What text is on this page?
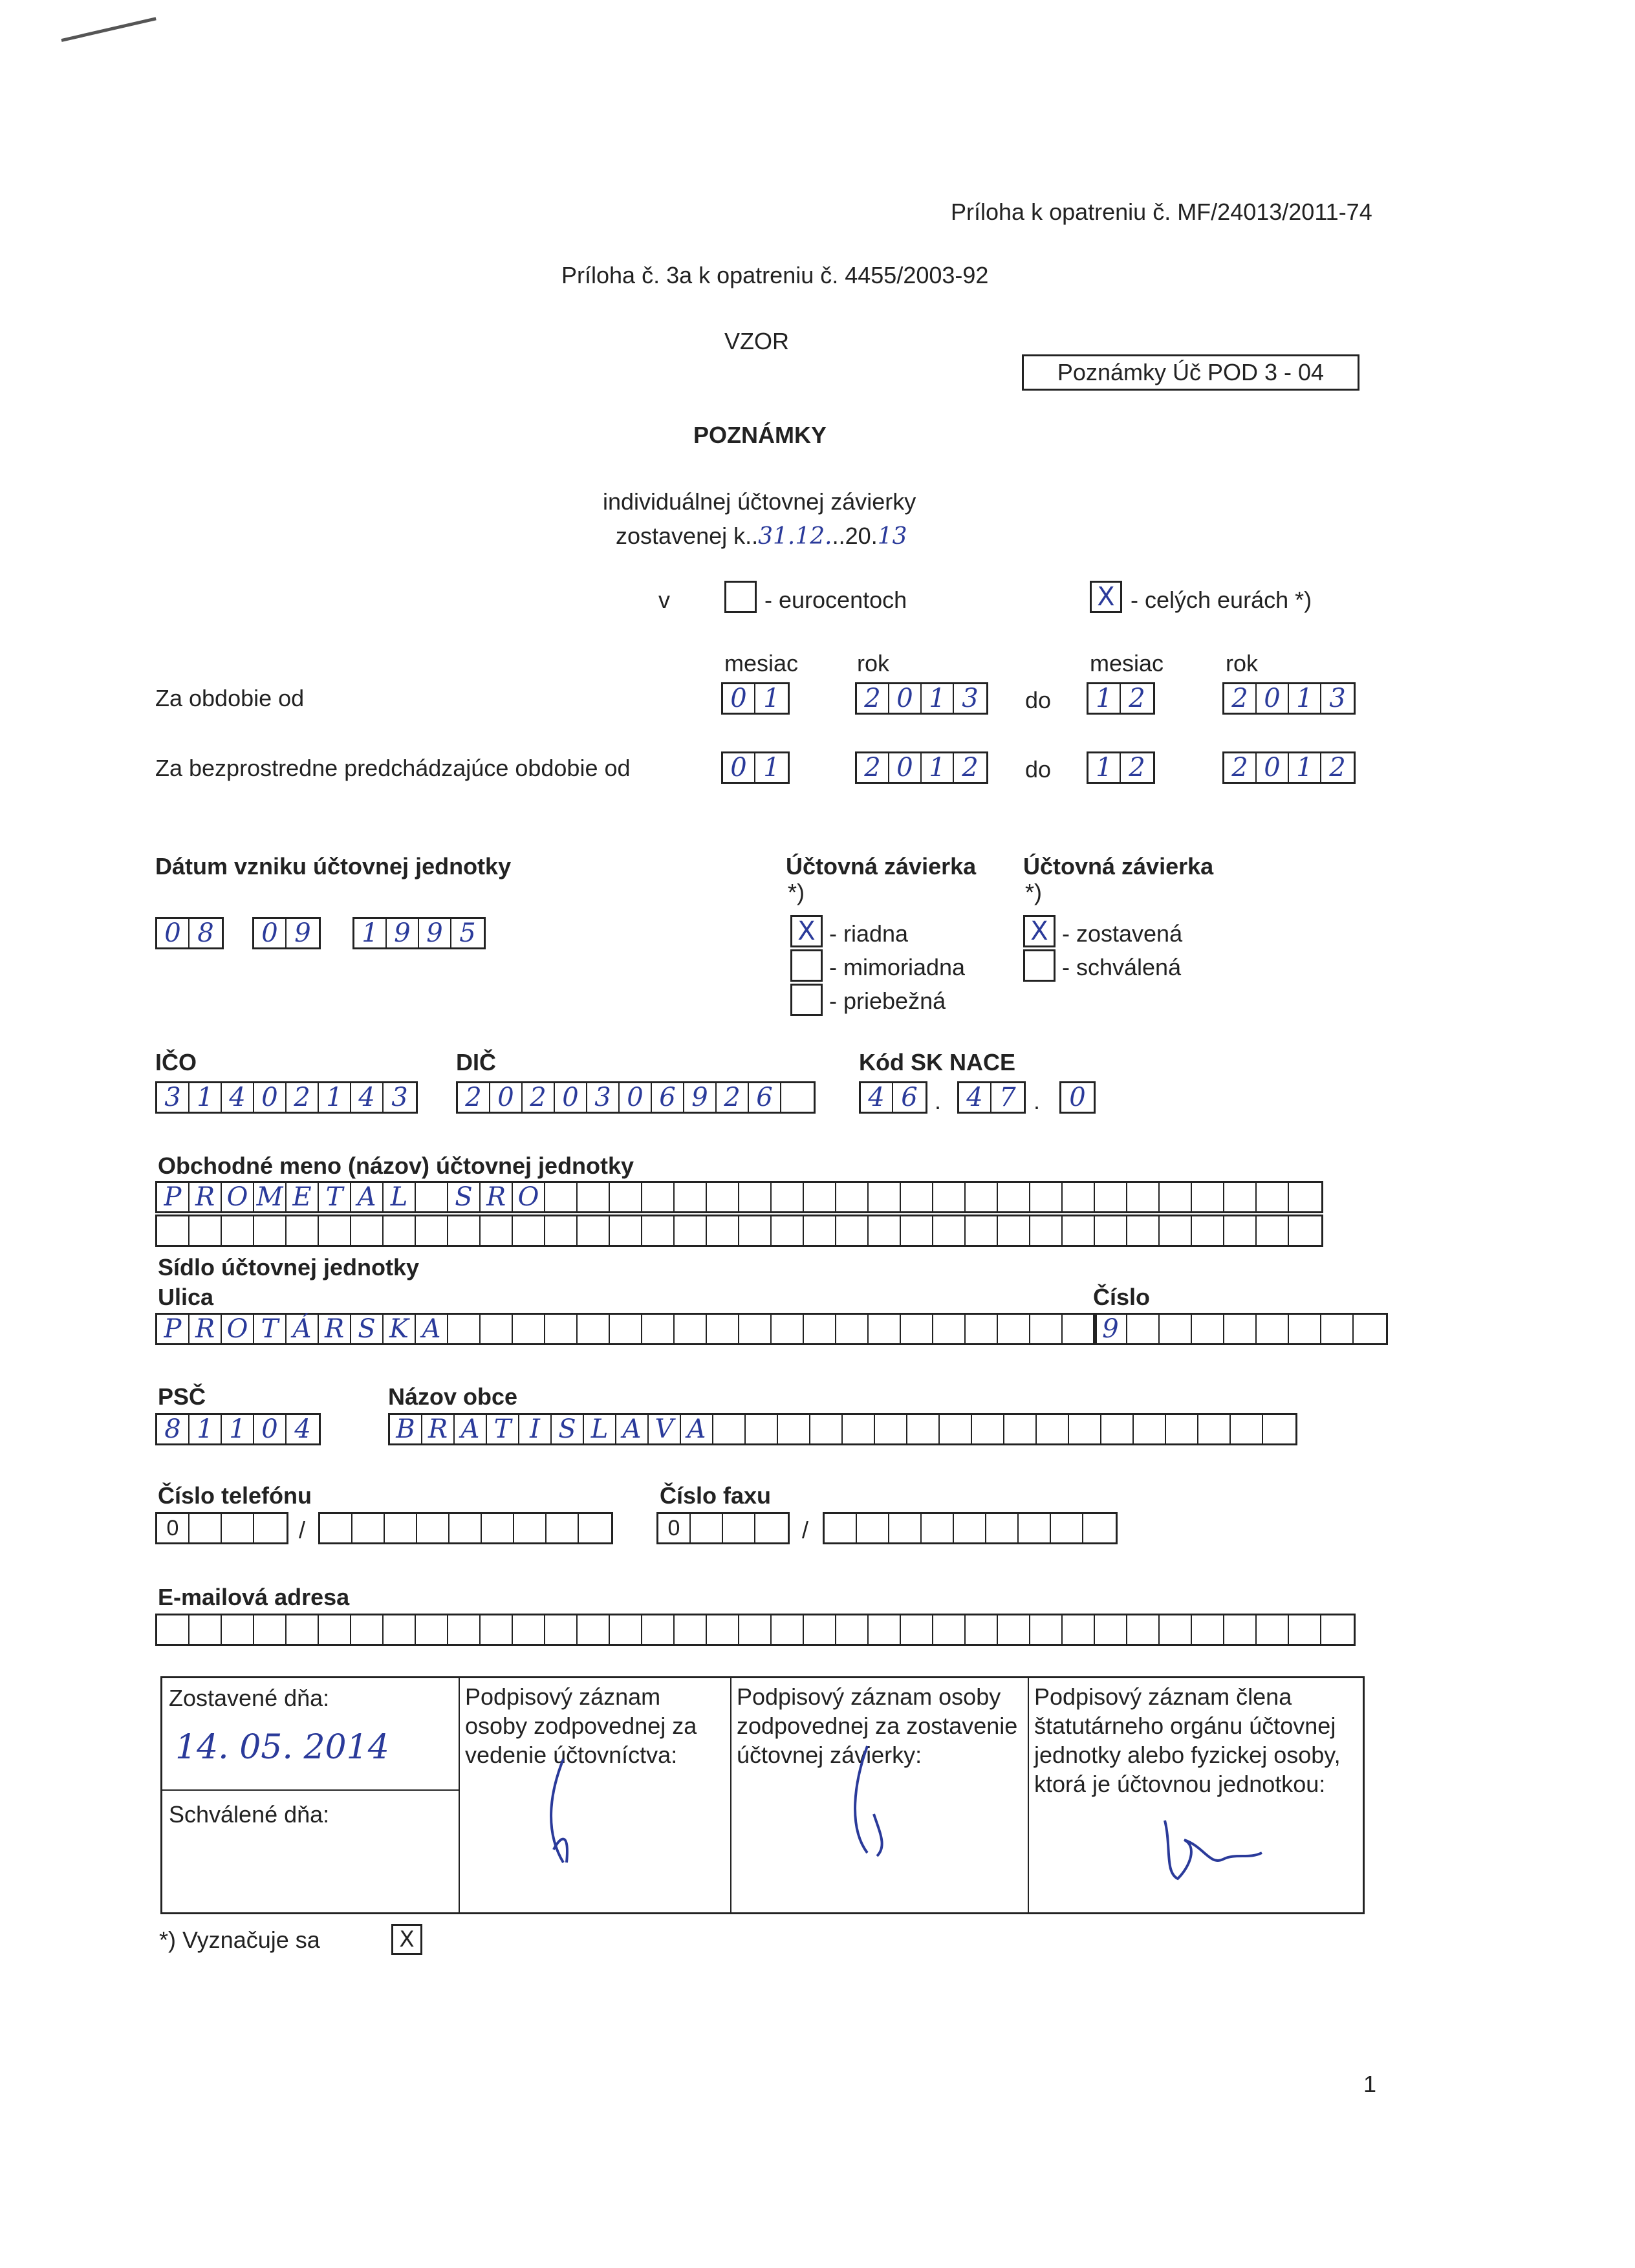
Príloha k opatreniu č. MF/24013/2011-74
Príloha č. 3a k opatreniu č. 4455/2003-92
VZOR
Poznámky Úč POD 3 - 04
POZNÁMKY
individuálnej účtovnej závierky
zostavenej k..31.12...20.13
v	- eurocentoch	X - celých eurách *)
mesiac	rok	mesiac	rok
Za obdobie od	0 1	2 0 1 3	do 1 2	2 0 1 3
Za bezprostredne predchádzajúce obdobie od	0 1	2 0 1 2	do 1 2	2 0 1 2
Dátum vzniku účtovnej jednotky
0 8	0 9	1 9 9 5
Účtovná závierka
*)
X - riadna
- mimoriadna
- priebežná
Účtovná závierka
*)
X - zostavená
- schválená
IČO
3 1 4 0 2 1 4 3
DIČ
2 0 2 0 3 0 6 9 2 6
Kód SK NACE
4 6 . 4 7 .	0
Obchodné meno (názov) účtovnej jednotky
P R O M E T A L	S R O
Sídlo účtovnej jednotky
Ulica
P R O T Á R S K A
Číslo
9
PSČ
8 1 1 0 4
Názov obce
B R A T I S L A V A
Číslo telefónu
0	/
Číslo faxu
0	/
E-mailová adresa
Zostavené dňa:
14. 05. 2014
Schválené dňa:
Podpisový záznam osoby zodpovednej za vedenie účtovníctva:
Podpisový záznam osoby zodpovednej za zostavenie účtovnej závierky:
Podpisový záznam člena štatutárneho orgánu účtovnej jednotky alebo fyzickej osoby, ktorá je účtovnou jednotkou:
*) Vyznačuje sa	X
1
